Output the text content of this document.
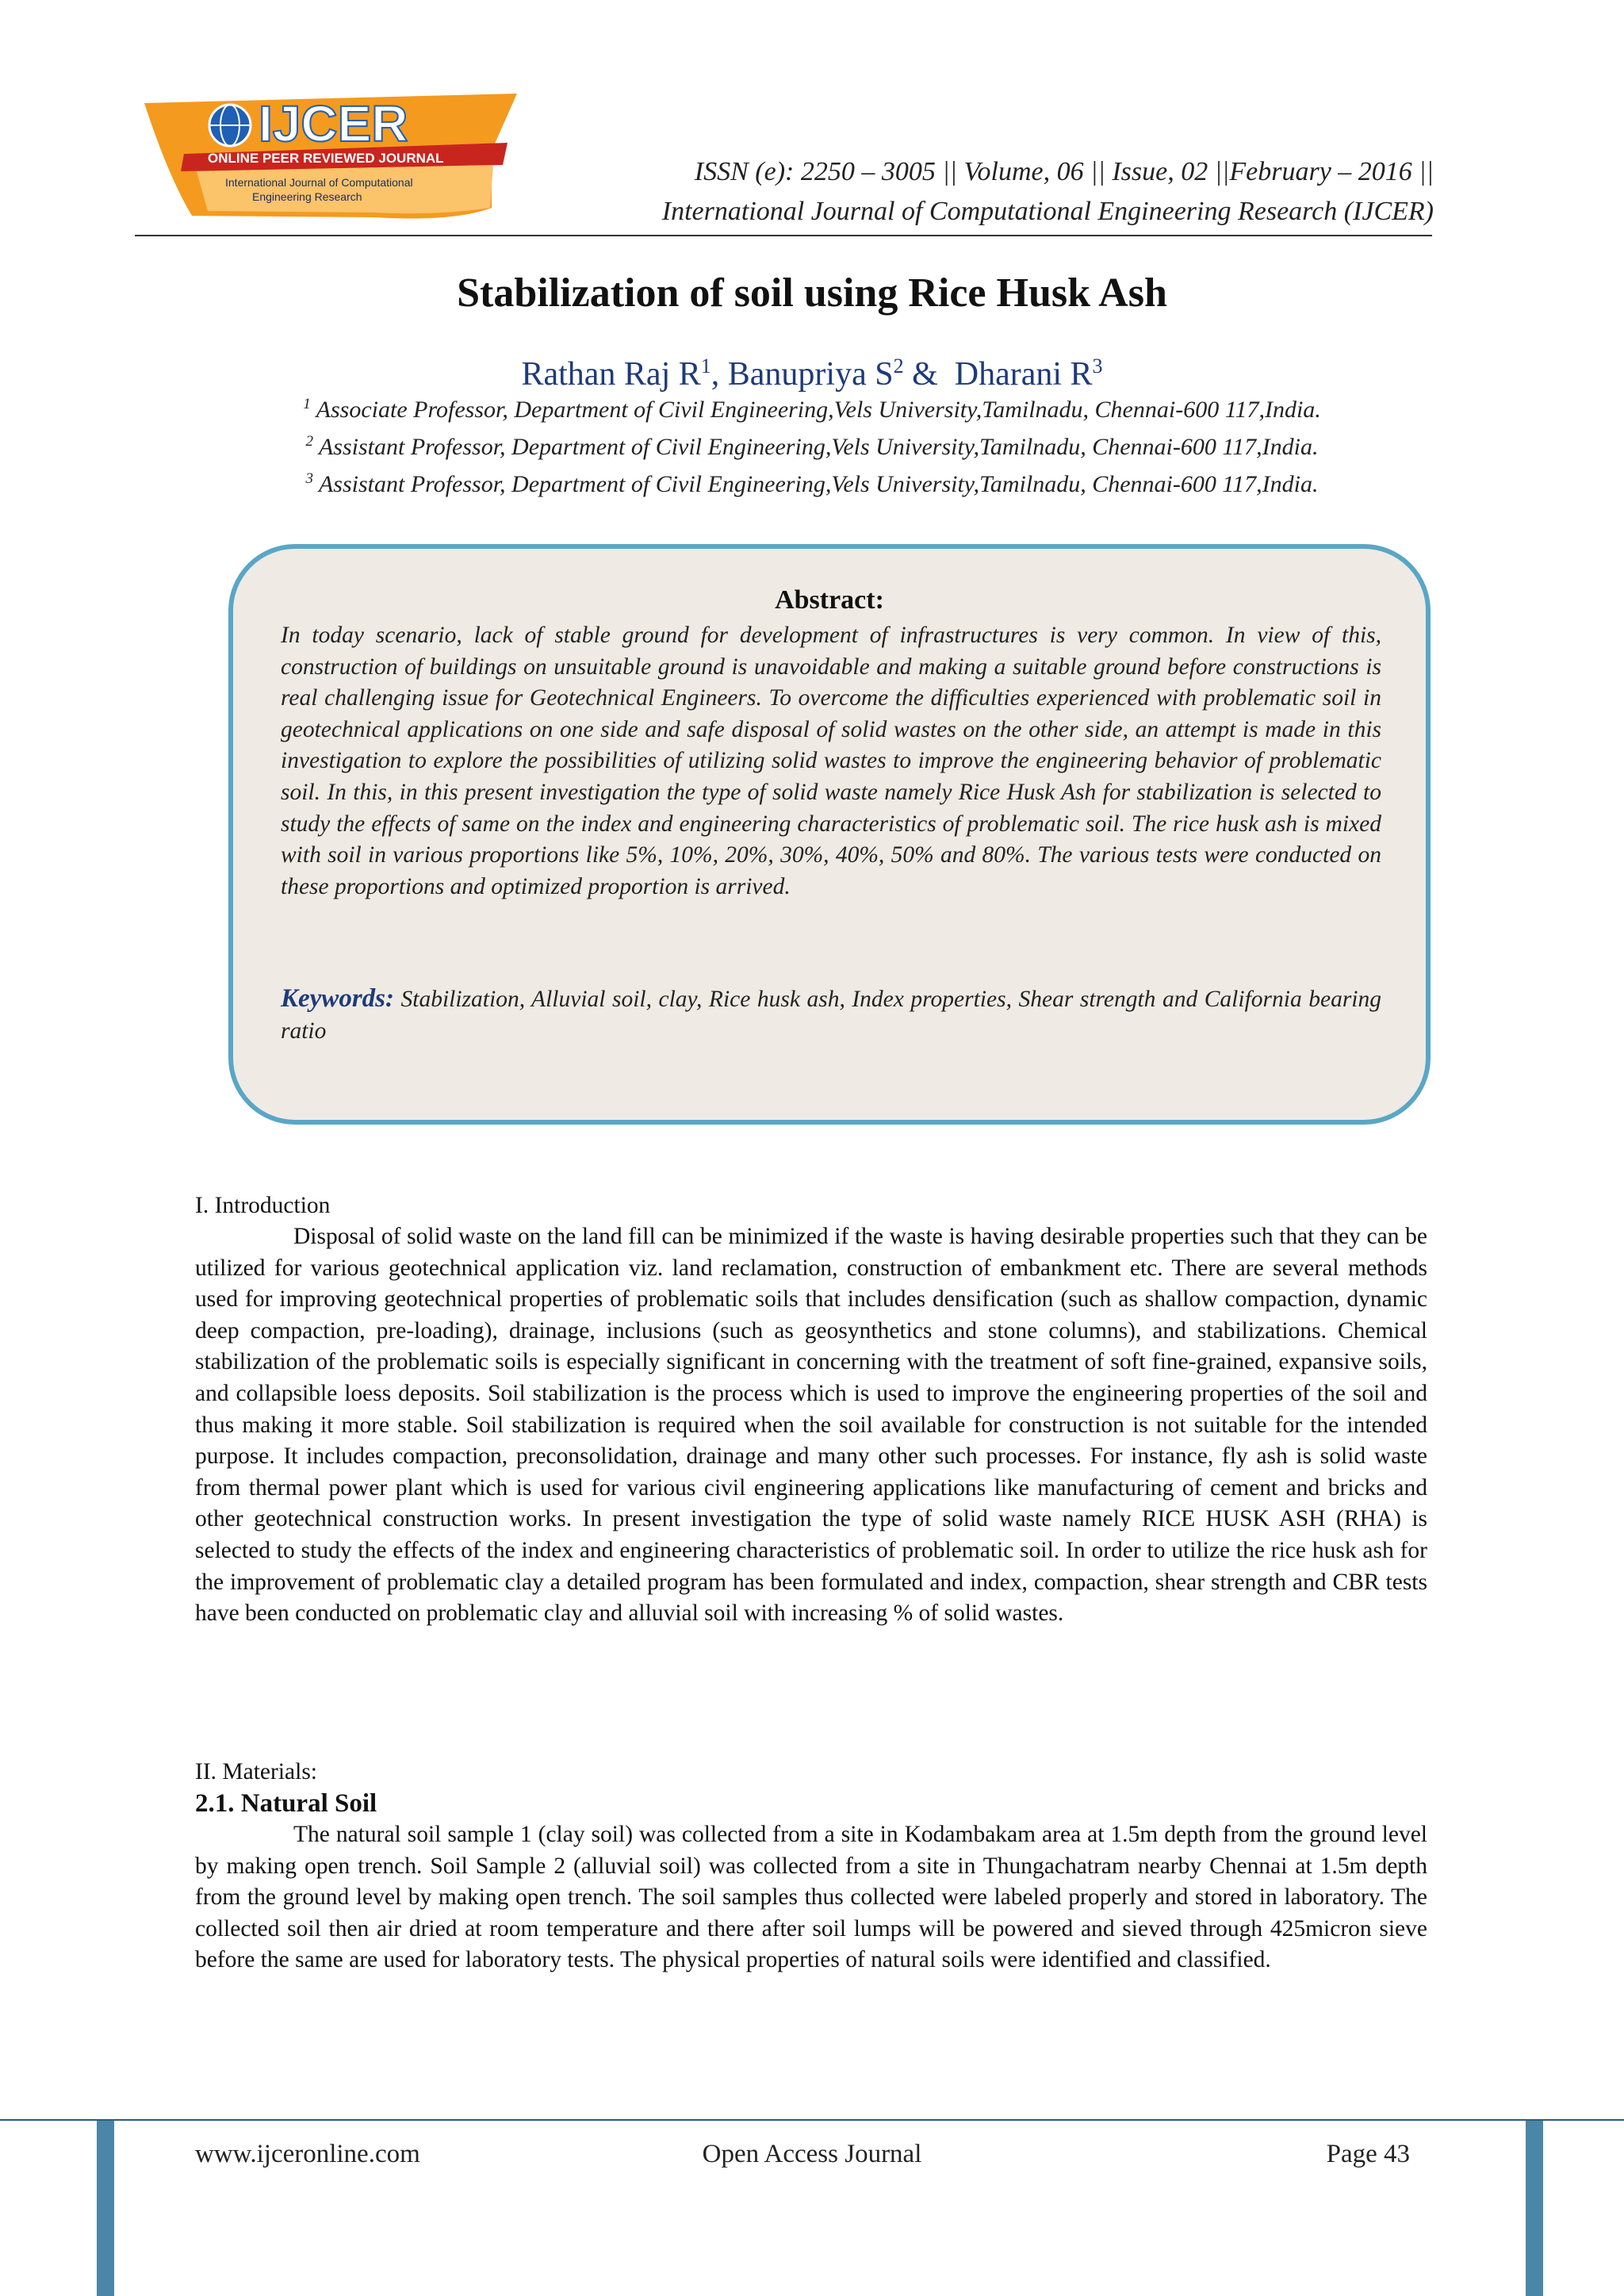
IJCER
ONLINE PEER REVIEWED JOURNAL
International Journal of Computational
Engineering Research
ISSN (e): 2250 – 3005 || Volume, 06 || Issue, 02 ||February – 2016 ||
International Journal of Computational Engineering Research (IJCER)
Stabilization of soil using Rice Husk Ash
Rathan Raj $R^1$, Banupriya $S^2$ &  Dharani $R^3$
$^1$ Associate Professor, Department of Civil Engineering,Vels University,Tamilnadu, Chennai-600 117,India.
$^2$ Assistant Professor, Department of Civil Engineering,Vels University,Tamilnadu, Chennai-600 117,India.
$^3$ Assistant Professor, Department of Civil Engineering,Vels University,Tamilnadu, Chennai-600 117,India.
Abstract:
In today scenario, lack of stable ground for development of infrastructures is very common. In view of this, construction of buildings on unsuitable ground is unavoidable and making a suitable ground before constructions is real challenging issue for Geotechnical Engineers. To overcome the difficulties experienced with problematic soil in geotechnical applications on one side and safe disposal of solid wastes on the other side, an attempt is made in this investigation to explore the possibilities of utilizing solid wastes to improve the engineering behavior of problematic soil. In this, in this present investigation the type of solid waste namely Rice Husk Ash for stabilization is selected to study the effects of same on the index and engineering characteristics of problematic soil. The rice husk ash is mixed with soil in various proportions like 5%, 10%, 20%, 30%, 40%, 50% and 80%. The various tests were conducted on these proportions and optimized proportion is arrived.
Keywords: Stabilization, Alluvial soil, clay, Rice husk ash, Index properties, Shear strength and California bearing ratio
I. Introduction
Disposal of solid waste on the land fill can be minimized if the waste is having desirable properties such that they can be utilized for various geotechnical application viz. land reclamation, construction of embankment etc. There are several methods used for improving geotechnical properties of problematic soils that includes densification (such as shallow compaction, dynamic deep compaction, pre-loading), drainage, inclusions (such as geosynthetics and stone columns), and stabilizations. Chemical stabilization of the problematic soils is especially significant in concerning with the treatment of soft fine-grained, expansive soils, and collapsible loess deposits. Soil stabilization is the process which is used to improve the engineering properties of the soil and thus making it more stable. Soil stabilization is required when the soil available for construction is not suitable for the intended purpose. It includes compaction, preconsolidation, drainage and many other such processes. For instance, fly ash is solid waste from thermal power plant which is used for various civil engineering applications like manufacturing of cement and bricks and other geotechnical construction works. In present investigation the type of solid waste namely RICE HUSK ASH (RHA) is selected to study the effects of the index and engineering characteristics of problematic soil. In order to utilize the rice husk ash for the improvement of problematic clay a detailed program has been formulated and index, compaction, shear strength and CBR tests have been conducted on problematic clay and alluvial soil with increasing % of solid wastes.
II. Materials:
2.1. Natural Soil
The natural soil sample 1 (clay soil) was collected from a site in Kodambakam area at 1.5m depth from the ground level by making open trench. Soil Sample 2 (alluvial soil) was collected from a site in Thungachatram nearby Chennai at 1.5m depth from the ground level by making open trench. The soil samples thus collected were labeled properly and stored in laboratory. The collected soil then air dried at room temperature and there after soil lumps will be powered and sieved through 425micron sieve before the same are used for laboratory tests. The physical properties of natural soils were identified and classified.
www.ijceronline.com	Open Access Journal	Page 43
